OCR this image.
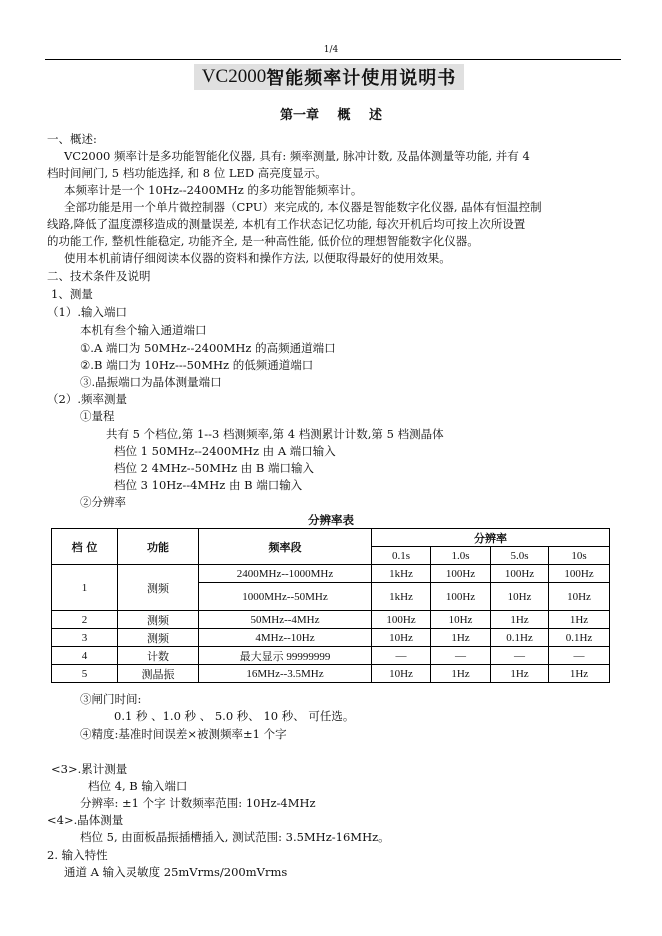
1/4
VC2000 智能频率计使用说明书
第一章 概 述
一、概述:
VC2000 频率计是多功能智能化仪器, 具有: 频率测量, 脉冲计数, 及晶体测量等功能, 并有 4
档时间闸门, 5 档功能选择, 和 8 位 LED 高亮度显示。
本频率计是一个 10Hz--2400MHz 的多功能智能频率计。
全部功能是用一个单片微控制器（CPU）来完成的, 本仪器是智能数字化仪器, 晶体有恒温控制
线路,降低了温度漂移造成的测量误差, 本机有工作状态记忆功能, 每次开机后均可按上次所设置
的功能工作, 整机性能稳定, 功能齐全, 是一种高性能, 低价位的理想智能数字化仪器。
使用本机前请仔细阅读本仪器的资料和操作方法, 以便取得最好的使用效果。
二、技术条件及说明
1、测量
（1）.输入端口
本机有叁个输入通道端口
①.A 端口为 50MHz--2400MHz 的高频通道端口
②.B 端口为 10Hz---50MHz 的低频通道端口
③.晶振端口为晶体测量端口
（2）.频率测量
①量程
共有 5 个档位,第 1--3 档测频率,第 4 档测累计计数,第 5 档测晶体
档位 1 50MHz--2400MHz 由 A 端口输入
档位 2 4MHz--50MHz 由 B 端口输入
档位 3 10Hz--4MHz 由 B 端口输入
②分辨率
分辨率表
档 位	功能	频率段	分辨率			
			0.1s	1.0s	5.0s	10s
1	测频	2400MHz--1000MHz	1kHz	100Hz	100Hz	100Hz
		1000MHz--50MHz	1kHz	100Hz	10Hz	10Hz
2	测频	50MHz--4MHz	100Hz	10Hz	1Hz	1Hz
3	测频	4MHz--10Hz	10Hz	1Hz	0.1Hz	0.1Hz
4	计数	最大显示 99999999	—	—	—	—
5	测晶振	16MHz--3.5MHz	10Hz	1Hz	1Hz	1Hz
③闸门时间:
0.1 秒 、1.0 秒 、 5.0 秒、 10 秒、 可任选。
④精度:基准时间误差×被测频率±1 个字
<3>.累计测量
档位 4, B 输入端口
分辨率: ±1 个字 计数频率范围: 10Hz-4MHz
<4>.晶体测量
档位 5, 由面板晶振插槽插入, 测试范围: 3.5MHz-16MHz。
2. 输入特性
通道 A 输入灵敏度 25mVrms/200mVrms
